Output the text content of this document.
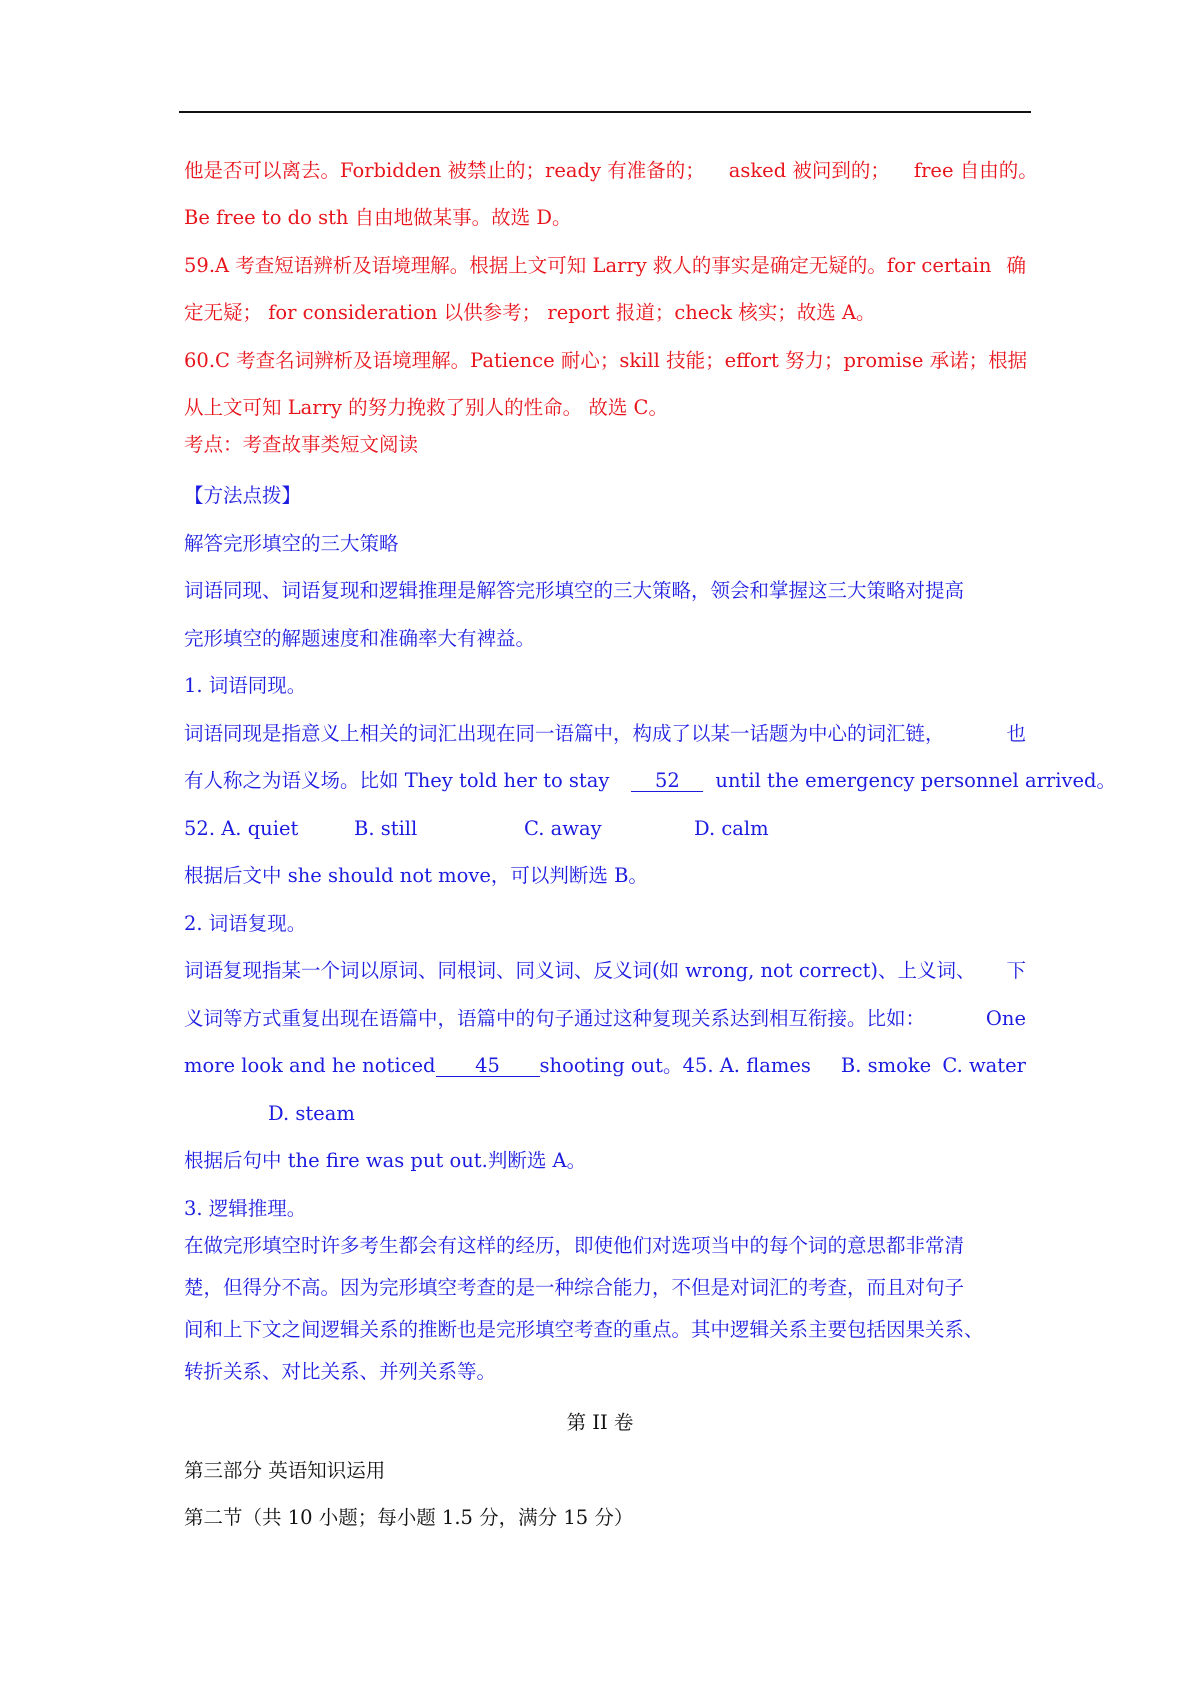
他是否可以离去。Forbidden 被禁止的；ready 有准备的； asked 被问到的； free 自由的。
Be free to do sth 自由地做某事。故选 D。
59.A 考查短语辨析及语境理解。根据上文可知 Larry 救人的事实是确定无疑的。for certain 确
定无疑； for consideration 以供参考； report 报道；check 核实；故选 A。
60.C 考查名词辨析及语境理解。Patience 耐心；skill 技能；effort 努力；promise 承诺； 根据
从上文可知 Larry 的努力挽救了别人的性命。 故选 C。
考点：考查故事类短文阅读
【方法点拨】
解答完形填空的三大策略
词语同现、词语复现和逻辑推理是解答完形填空的三大策略，领会和掌握这三大策略对提高
完形填空的解题速度和准确率大有裨益。
1. 词语同现。
词语同现是指意义上相关的词汇出现在同一语篇中，构成了以某一话题为中心的词汇链，	也
有人称之为语义场。比如 They told her to stay 52 until the emergency personnel arrived。
52. A. quiet	B. still	C. away	D. calm
根据后文中 she should not move，可以判断选 B。
2. 词语复现。
词语复现指某一个词以原词、同根词、同义词、反义词(如 wrong, not correct)、上义词、 下
义词等方式重复出现在语篇中，语篇中的句子通过这种复现关系达到相互衔接。比如：	One
more look and he noticed 45 shooting out。45. A. flames B. smoke C. water
D. steam
根据后句中 the fire was put out.判断选 A。
3. 逻辑推理。
在做完形填空时许多考生都会有这样的经历，即使他们对选项当中的每个词的意思都非常清
楚，但得分不高。因为完形填空考查的是一种综合能力，不但是对词汇的考查，而且对句子
间和上下文之间逻辑关系的推断也是完形填空考查的重点。其中逻辑关系主要包括因果关系、
转折关系、对比关系、并列关系等。
第 II 卷
第三部分 英语知识运用
第二节（共 10 小题；每小题 1.5 分，满分 15 分）
